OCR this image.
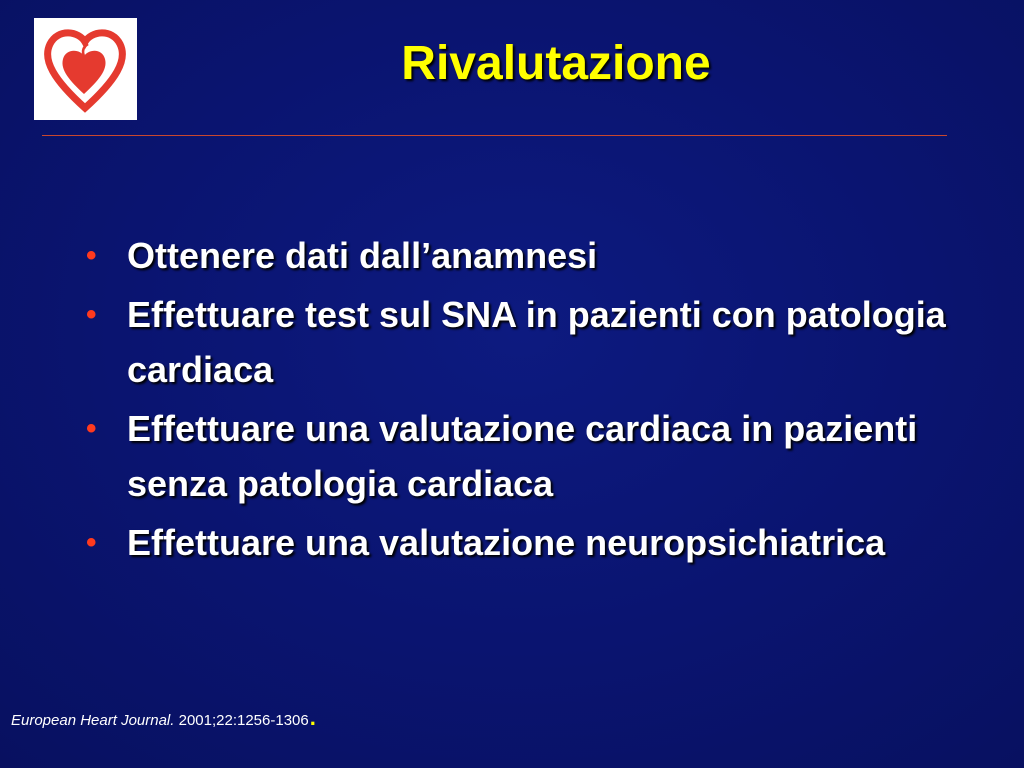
Rivalutazione
• Ottenere dati dall’anamnesi
• Effettuare test sul SNA in pazienti con patologia cardiaca
• Effettuare una valutazione cardiaca in pazienti senza patologia cardiaca
• Effettuare una valutazione neuropsichiatrica
European Heart Journal. 2001;22:1256-1306.
